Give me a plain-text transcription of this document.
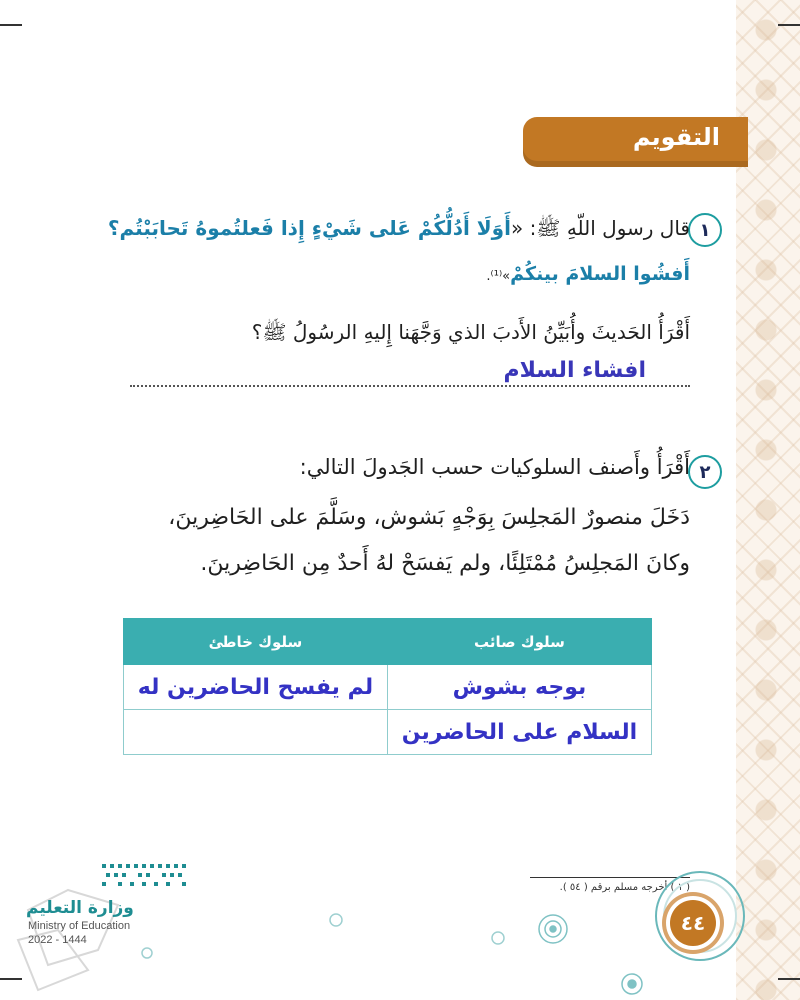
التقويم
١
قال رسول اللّهِ ﷺ: «أَوَلَا أَدُلُّكُمْ عَلى شَيْءٍ إِذا فَعلتُموهُ تَحابَبْتُم؟
أَفشُوا السلامَ بينكُمْ»⁽¹⁾.
أَقْرَأُ الحَديثَ وأُبَيِّنُ الأَدبَ الذي وَجَّهَنا إِليهِ الرسُولُ ﷺ؟
افشاء السلام
٢
أَقْرَأُ وأَصنف السلوكيات حسب الجَدولَ التالي:
دَخَلَ منصورٌ المَجلِسَ بِوَجْهٍ بَشوش، وسَلَّمَ على الحَاضِرينَ،
وكانَ المَجلِسُ مُمْتَلِئًا، ولم يَفسَحْ لهُ أَحدٌ مِن الحَاضِرينَ.
سلوك صائب	سلوك خاطئ
بوجه بشوش	لم يفسح الحاضرين له
السلام على الحاضرين	
( ١ ) أخرجه مسلم برقم ( ٥٤ ).
٤٤
وزارة التعليم
Ministry of Education
2022 - 1444
